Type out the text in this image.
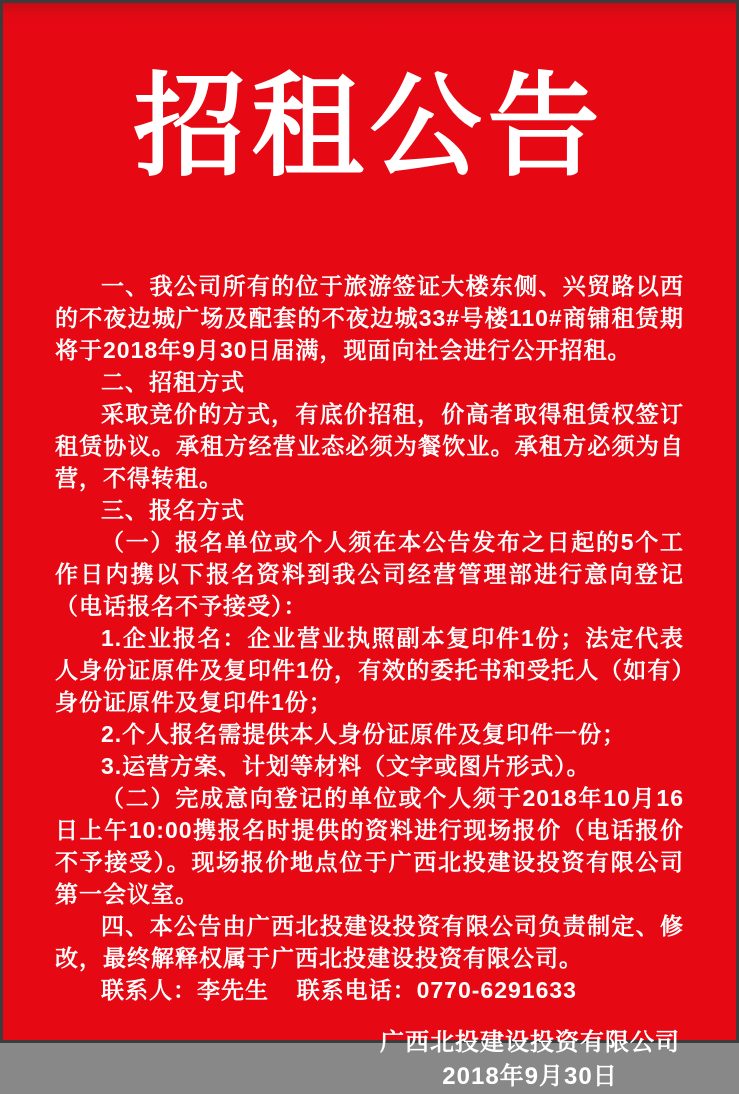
招租公告

一、我公司所有的位于旅游签证大楼东侧、兴贸路以西的不夜边城广场及配套的不夜边城33#号楼110#商铺租赁期将于2018年9月30日届满，现面向社会进行公开招租。

二、招租方式

采取竞价的方式，有底价招租，价高者取得租赁权签订租赁协议。承租方经营业态必须为餐饮业。承租方必须为自营，不得转租。

三、报名方式

（一）报名单位或个人须在本公告发布之日起的5个工作日内携以下报名资料到我公司经营管理部进行意向登记（电话报名不予接受）：

1.企业报名：企业营业执照副本复印件1份；法定代表人身份证原件及复印件1份，有效的委托书和受托人（如有）身份证原件及复印件1份；

2.个人报名需提供本人身份证原件及复印件一份；

3.运营方案、计划等材料（文字或图片形式）。

（二）完成意向登记的单位或个人须于2018年10月16日上午10:00携报名时提供的资料进行现场报价（电话报价不予接受）。现场报价地点位于广西北投建设投资有限公司第一会议室。

四、本公告由广西北投建设投资有限公司负责制定、修改，最终解释权属于广西北投建设投资有限公司。

联系人：李先生 联系电话：0770-6291633

广西北投建设投资有限公司
2018年9月30日
